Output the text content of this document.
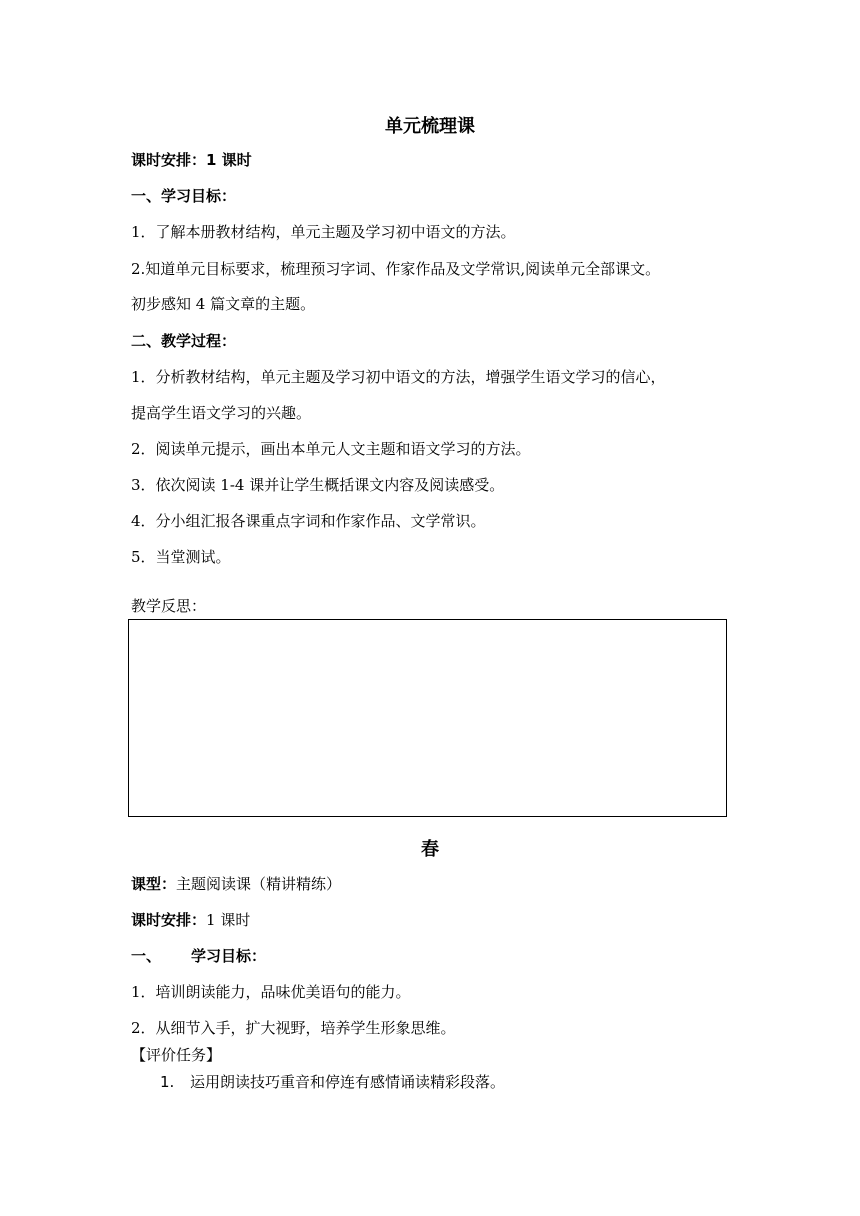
单元梳理课
课时安排：1 课时
一、学习目标：
1．了解本册教材结构，单元主题及学习初中语文的方法。
2.知道单元目标要求，梳理预习字词、作家作品及文学常识,阅读单元全部课文。
初步感知 4 篇文章的主题。
二、教学过程：
1．分析教材结构，单元主题及学习初中语文的方法，增强学生语文学习的信心，
提高学生语文学习的兴趣。
2．阅读单元提示，画出本单元人文主题和语文学习的方法。
3．依次阅读 1-4 课并让学生概括课文内容及阅读感受。
4．分小组汇报各课重点字词和作家作品、文学常识。
5．当堂测试。
教学反思：
春
课型：主题阅读课（精讲精练）
课时安排：1 课时
一、 学习目标：
1．培训朗读能力，品味优美语句的能力。
2．从细节入手，扩大视野，培养学生形象思维。
【评价任务】
1. 运用朗读技巧重音和停连有感情诵读精彩段落。
